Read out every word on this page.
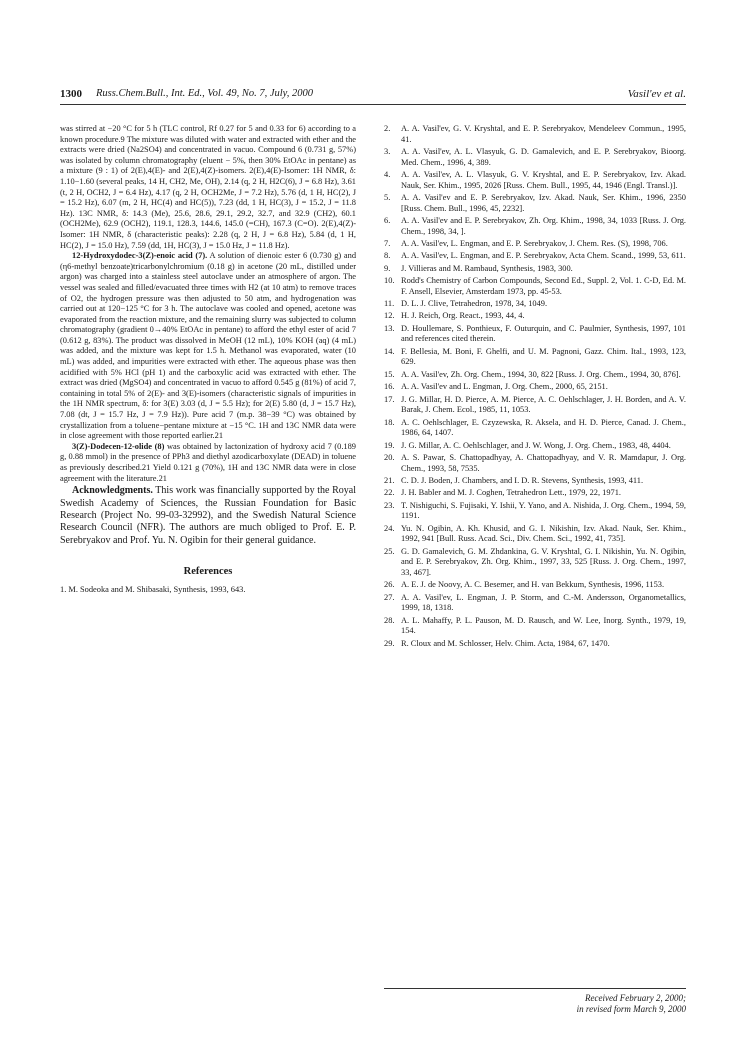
1300 Russ.Chem.Bull., Int. Ed., Vol. 49, No. 7, July, 2000	Vasil'ev et al.

was stirred at −20 °C for 5 h (TLC control, Rf 0.27 for 5 and 0.33 for 6) according to a known procedure.9 The mixture was diluted with water and extracted with ether and the extracts were dried (Na2SO4) and concentrated in vacuo. Compound 6 (0.731 g, 57%) was isolated by column chromatography (eluent − 5%, then 30% EtOAc in pentane) as a mixture (9 : 1) of 2(E),4(E)- and 2(E),4(Z)-isomers. 2(E),4(E)-Isomer: 1H NMR, δ: 1.10−1.60 (several peaks, 14 H, CH2, Me, OH), 2.14 (q, 2 H, H2C(6), J = 6.8 Hz), 3.61 (t, 2 H, OCH2, J = 6.4 Hz), 4.17 (q, 2 H, OCH2Me, J = 7.2 Hz), 5.76 (d, 1 H, HC(2), J = 15.2 Hz), 6.07 (m, 2 H, HC(4) and HC(5)), 7.23 (dd, 1 H, HC(3), J = 15.2, J = 11.8 Hz). 13C NMR, δ: 14.3 (Me), 25.6, 28.6, 29.1, 29.2, 32.7, and 32.9 (CH2), 60.1 (OCH2Me), 62.9 (OCH2), 119.1, 128.3, 144.6, 145.0 (=CH), 167.3 (C=O). 2(E),4(Z)-Isomer: 1H NMR, δ (characteristic peaks): 2.28 (q, 2 H, J = 6.8 Hz), 5.84 (d, 1 H, HC(2), J = 15.0 Hz), 7.59 (dd, 1H, HC(3), J = 15.0 Hz, J = 11.8 Hz).

12-Hydroxydodec-3(Z)-enoic acid (7). A solution of dienoic ester 6 (0.730 g) and (η6-methyl benzoate)tricarbonylchromium (0.18 g) in acetone (20 mL, distilled under argon) was charged into a stainless steel autoclave under an atmosphere of argon. The vessel was sealed and filled/evacuated three times with H2 (at 10 atm) to remove traces of O2, the hydrogen pressure was then adjusted to 50 atm, and hydrogenation was carried out at 120−125 °C for 3 h. The autoclave was cooled and opened, acetone was evaporated from the reaction mixture, and the remaining slurry was subjected to column chromatography (gradient 0→40% EtOAc in pentane) to afford the ethyl ester of acid 7 (0.612 g, 83%). The product was dissolved in MeOH (12 mL), 10% KOH (aq) (4 mL) was added, and the mixture was kept for 1.5 h. Methanol was evaporated, water (10 mL) was added, and impurities were extracted with ether. The aqueous phase was then acidified with 5% HCl (pH 1) and the carboxylic acid was extracted with ether. The extract was dried (MgSO4) and concentrated in vacuo to afford 0.545 g (81%) of acid 7, containing in total 5% of 2(E)- and 3(E)-isomers (characteristic signals of impurities in the 1H NMR spectrum, δ: for 3(E) 3.03 (d, J = 5.5 Hz); for 2(E) 5.80 (d, J = 15.7 Hz), 7.08 (dt, J = 15.7 Hz, J = 7.9 Hz)). Pure acid 7 (m.p. 38−39 °C) was obtained by crystallization from a toluene−pentane mixture at −15 °C. 1H and 13C NMR data were in close agreement with those reported earlier.21

3(Z)-Dodecen-12-olide (8) was obtained by lactonization of hydroxy acid 7 (0.189 g, 0.88 mmol) in the presence of PPh3 and diethyl azodicarboxylate (DEAD) in toluene as previously described.21 Yield 0.121 g (70%), 1H and 13C NMR data were in close agreement with the literature.21

Acknowledgments. This work was financially supported by the Royal Swedish Academy of Sciences, the Russian Foundation for Basic Research (Project No. 99-03-32992), and the Swedish Natural Science Research Council (NFR). The authors are much obliged to Prof. E. P. Serebryakov and Prof. Yu. N. Ogibin for their general guidance.

References

1. M. Sodeoka and M. Shibasaki, Synthesis, 1993, 643.

2. A. A. Vasil'ev, G. V. Kryshtal, and E. P. Serebryakov, Mendeleev Commun., 1995, 41.
3. A. A. Vasil'ev, A. L. Vlasyuk, G. D. Gamalevich, and E. P. Serebryakov, Bioorg. Med. Chem., 1996, 4, 389.
4. A. A. Vasil'ev, A. L. Vlasyuk, G. V. Kryshtal, and E. P. Serebryakov, Izv. Akad. Nauk, Ser. Khim., 1995, 2026 [Russ. Chem. Bull., 1995, 44, 1946 (Engl. Transl.)].
5. A. A. Vasil'ev and E. P. Serebryakov, Izv. Akad. Nauk, Ser. Khim., 1996, 2350 [Russ. Chem. Bull., 1996, 45, 2232].
6. A. A. Vasil'ev and E. P. Serebryakov, Zh. Org. Khim., 1998, 34, 1033 [Russ. J. Org. Chem., 1998, 34, ].
7. A. A. Vasil'ev, L. Engman, and E. P. Serebryakov, J. Chem. Res. (S), 1998, 706.
8. A. A. Vasil'ev, L. Engman, and E. P. Serebryakov, Acta Chem. Scand., 1999, 53, 611.
9. J. Villieras and M. Rambaud, Synthesis, 1983, 300.
10. Rodd's Chemistry of Carbon Compounds, Second Ed., Suppl. 2, Vol. 1. C-D, Ed. M. F. Ansell, Elsevier, Amsterdam 1973, pp. 45-53.
11. D. L. J. Clive, Tetrahedron, 1978, 34, 1049.
12. H. J. Reich, Org. React., 1993, 44, 4.
13. D. Houllemare, S. Ponthieux, F. Outurquin, and C. Paulmier, Synthesis, 1997, 101 and references cited therein.
14. F. Bellesia, M. Boni, F. Ghelfi, and U. M. Pagnoni, Gazz. Chim. Ital., 1993, 123, 629.
15. A. A. Vasil'ev, Zh. Org. Chem., 1994, 30, 822 [Russ. J. Org. Chem., 1994, 30, 876].
16. A. A. Vasil'ev and L. Engman, J. Org. Chem., 2000, 65, 2151.
17. J. G. Millar, H. D. Pierce, A. M. Pierce, A. C. Oehlschlager, J. H. Borden, and A. V. Barak, J. Chem. Ecol., 1985, 11, 1053.
18. A. C. Oehlschlager, E. Czyzewska, R. Aksela, and H. D. Pierce, Canad. J. Chem., 1986, 64, 1407.
19. J. G. Millar, A. C. Oehlschlager, and J. W. Wong, J. Org. Chem., 1983, 48, 4404.
20. A. S. Pawar, S. Chattopadhyay, A. Chattopadhyay, and V. R. Mamdapur, J. Org. Chem., 1993, 58, 7535.
21. C. D. J. Boden, J. Chambers, and I. D. R. Stevens, Synthesis, 1993, 411.
22. J. H. Babler and M. J. Coghen, Tetrahedron Lett., 1979, 22, 1971.
23. T. Nishiguchi, S. Fujisaki, Y. Ishii, Y. Yano, and A. Nishida, J. Org. Chem., 1994, 59, 1191.
24. Yu. N. Ogibin, A. Kh. Khusid, and G. I. Nikishin, Izv. Akad. Nauk, Ser. Khim., 1992, 941 [Bull. Russ. Acad. Sci., Div. Chem. Sci., 1992, 41, 735].
25. G. D. Gamalevich, G. M. Zhdankina, G. V. Kryshtal, G. I. Nikishin, Yu. N. Ogibin, and E. P. Serebryakov, Zh. Org. Khim., 1997, 33, 525 [Russ. J. Org. Chem., 1997, 33, 467].
26. A. E. J. de Noovy, A. C. Besemer, and H. van Bekkum, Synthesis, 1996, 1153.
27. A. A. Vasil'ev, L. Engman, J. P. Storm, and C.-M. Andersson, Organometallics, 1999, 18, 1318.
28. A. L. Mahaffy, P. L. Pauson, M. D. Rausch, and W. Lee, Inorg. Synth., 1979, 19, 154.
29. R. Cloux and M. Schlosser, Helv. Chim. Acta, 1984, 67, 1470.
Received February 2, 2000;
in revised form March 9, 2000
